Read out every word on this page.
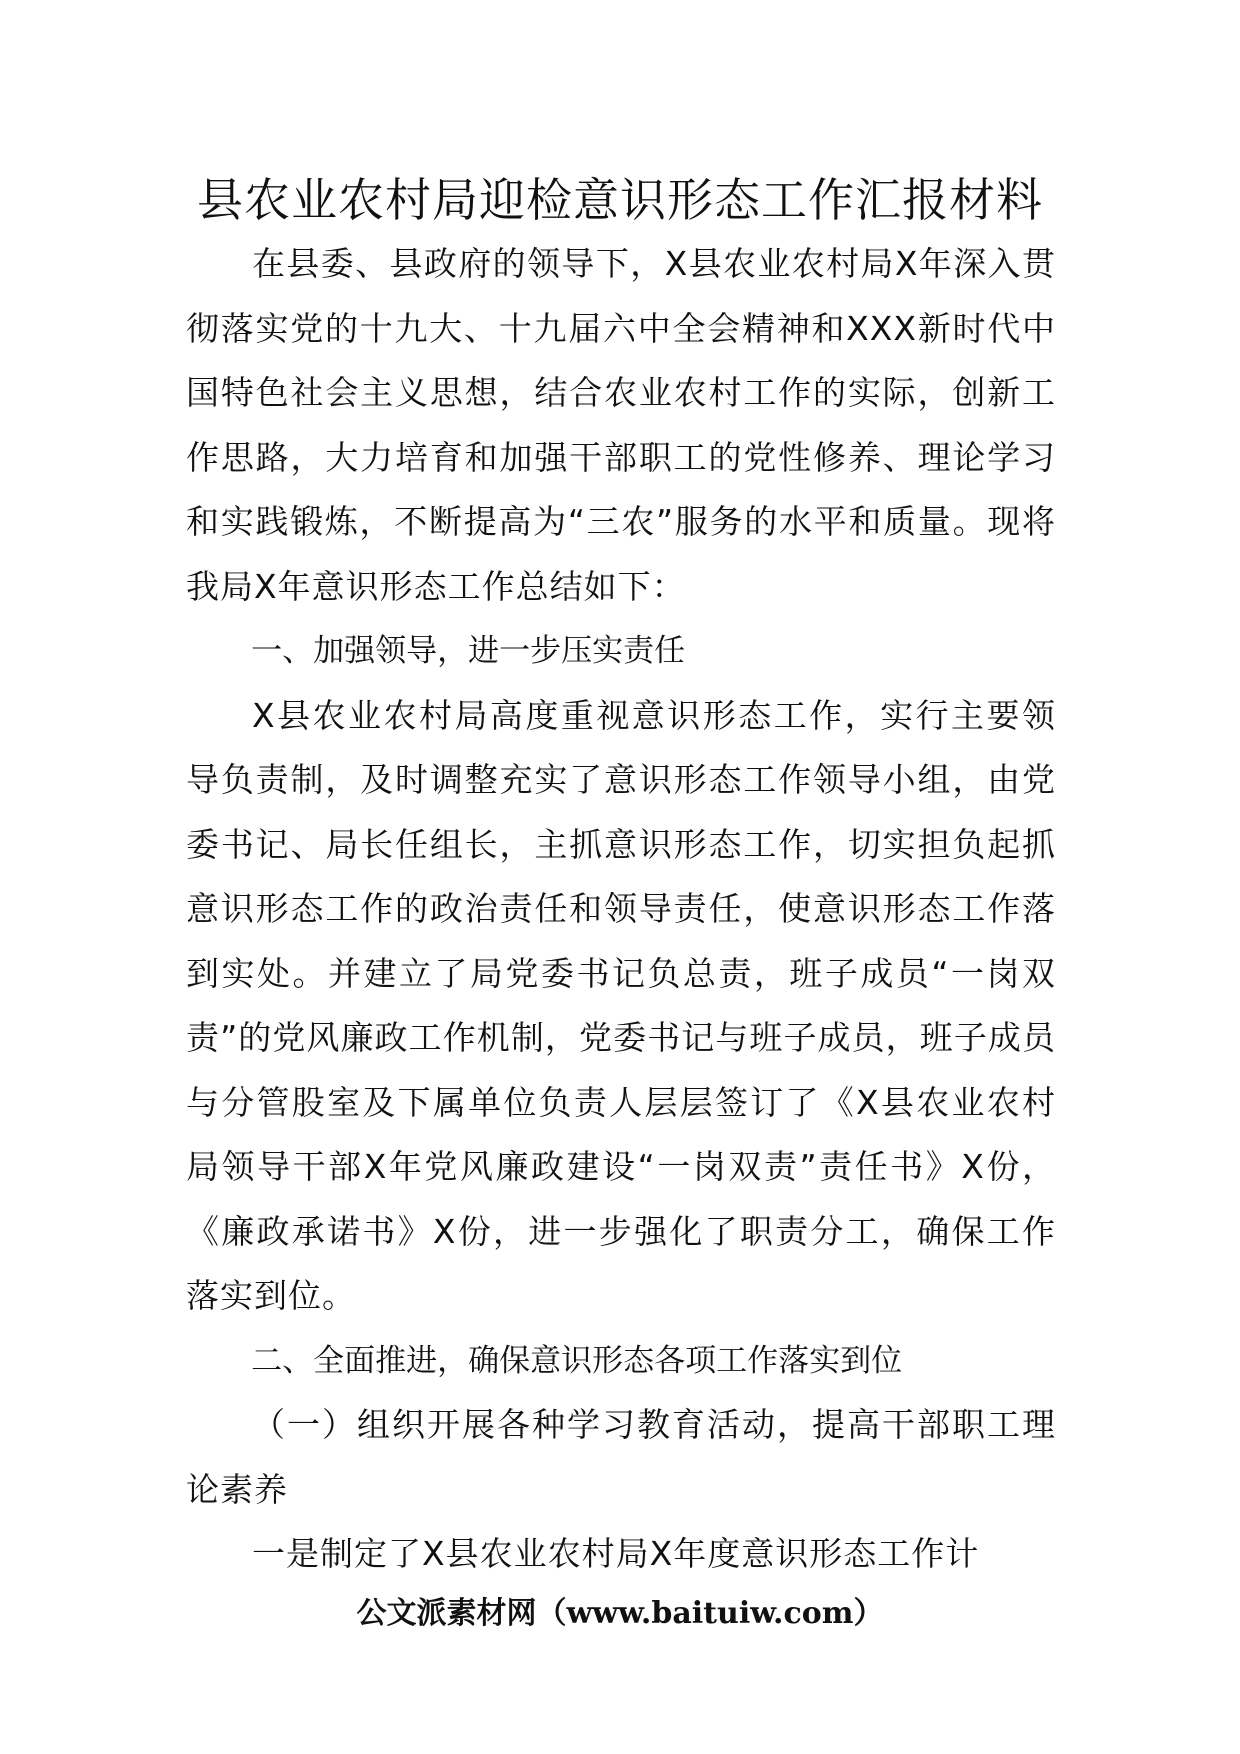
县农业农村局迎检意识形态工作汇报材料

在县委、县政府的领导下，X县农业农村局X年深入贯彻落实党的十九大、十九届六中全会精神和XXX新时代中国特色社会主义思想，结合农业农村工作的实际，创新工作思路，大力培育和加强干部职工的党性修养、理论学习和实践锻炼，不断提高为“三农”服务的水平和质量。现将我局X年意识形态工作总结如下：

一、加强领导，进一步压实责任

X县农业农村局高度重视意识形态工作，实行主要领导负责制，及时调整充实了意识形态工作领导小组，由党委书记、局长任组长，主抓意识形态工作，切实担负起抓意识形态工作的政治责任和领导责任，使意识形态工作落到实处。并建立了局党委书记负总责，班子成员“一岗双责”的党风廉政工作机制，党委书记与班子成员，班子成员与分管股室及下属单位负责人层层签订了《X县农业农村局领导干部X年党风廉政建设“一岗双责”责任书》X份，《廉政承诺书》X份，进一步强化了职责分工，确保工作落实到位。

二、全面推进，确保意识形态各项工作落实到位

（一）组织开展各种学习教育活动，提高干部职工理论素养

一是制定了X县农业农村局X年度意识形态工作计

公文派素材网（www.baituiw.com）
